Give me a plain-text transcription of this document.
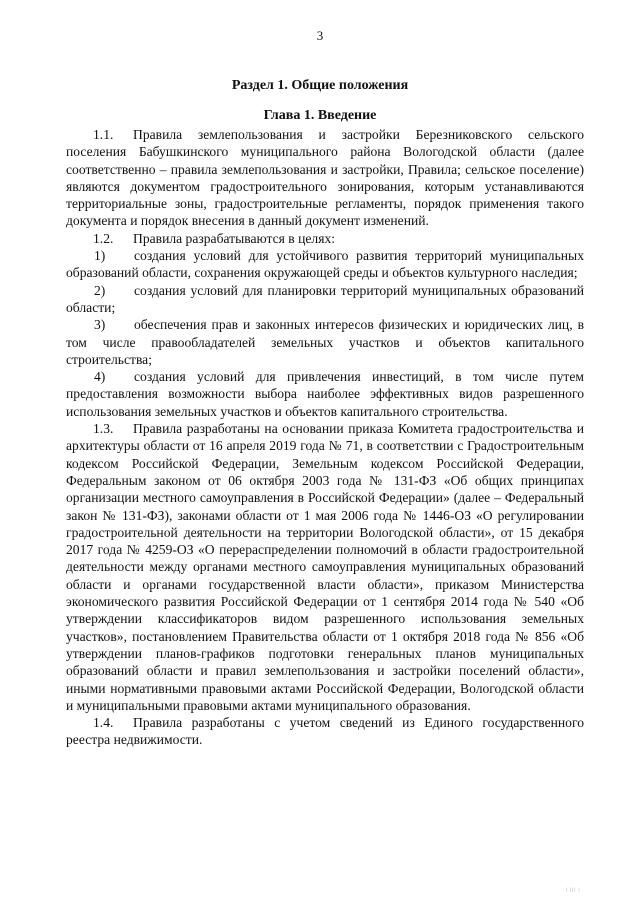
3
Раздел 1. Общие положения
Глава 1. Введение

1.1. Правила землепользования и застройки Березниковского сельского поселения Бабушкинского муниципального района Вологодской области (далее соответственно – правила землепользования и застройки, Правила; сельское поселение) являются документом градостроительного зонирования, которым устанавливаются территориальные зоны, градостроительные регламенты, порядок применения такого документа и порядок внесения в данный документ изменений.

1.2. Правила разрабатываются в целях:

1) создания условий для устойчивого развития территорий муниципальных образований области, сохранения окружающей среды и объектов культурного наследия;

2) создания условий для планировки территорий муниципальных образований области;

3) обеспечения прав и законных интересов физических и юридических лиц, в том числе правообладателей земельных участков и объектов капитального строительства;

4) создания условий для привлечения инвестиций, в том числе путем предоставления возможности выбора наиболее эффективных видов разрешенного использования земельных участков и объектов капитального строительства.

1.3. Правила разработаны на основании приказа Комитета градостроительства и архитектуры области от 16 апреля 2019 года № 71, в соответствии с Градостроительным кодексом Российской Федерации, Земельным кодексом Российской Федерации, Федеральным законом от 06 октября 2003 года № 131-ФЗ «Об общих принципах организации местного самоуправления в Российской Федерации» (далее – Федеральный закон № 131-ФЗ), законами области от 1 мая 2006 года № 1446-ОЗ «О регулировании градостроительной деятельности на территории Вологодской области», от 15 декабря 2017 года № 4259-ОЗ «О перераспределении полномочий в области градостроительной деятельности между органами местного самоуправления муниципальных образований области и органами государственной власти области», приказом Министерства экономического развития Российской Федерации от 1 сентября 2014 года № 540 «Об утверждении классификаторов видом разрешенного использования земельных участков», постановлением Правительства области от 1 октября 2018 года № 856 «Об утверждении планов-графиков подготовки генеральных планов муниципальных образований области и правил землепользования и застройки поселений области», иными нормативными правовыми актами Российской Федерации, Вологодской области и муниципальными правовыми актами муниципального образования.

1.4. Правила разработаны с учетом сведений из Единого государственного реестра недвижимости.

| ||| |
